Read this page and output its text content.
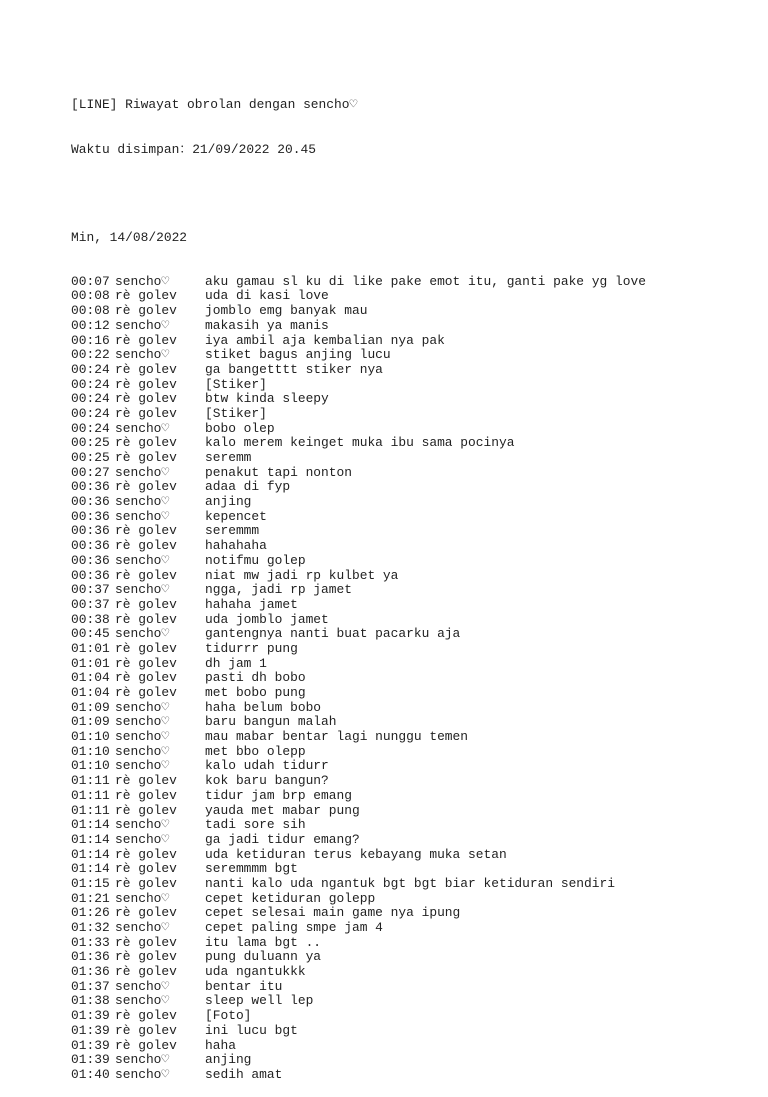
[LINE] Riwayat obrolan dengan sencho♡

Waktu disimpan：21/09/2022 20.45

Min, 14/08/2022

00:07 sencho♡	aku gamau sl ku di like pake emot itu, ganti pake yg love
00:08 rè golev	uda di kasi love
00:08 rè golev	jomblo emg banyak mau
00:12 sencho♡	makasih ya manis
00:16 rè golev	iya ambil aja kembalian nya pak
00:22 sencho♡	stiket bagus anjing lucu
00:24 rè golev	ga bangetttt stiker nya
00:24 rè golev	[Stiker]
00:24 rè golev	btw kinda sleepy
00:24 rè golev	[Stiker]
00:24 sencho♡	bobo olep
00:25 rè golev	kalo merem keinget muka ibu sama pocinya
00:25 rè golev	seremm
00:27 sencho♡	penakut tapi nonton
00:36 rè golev	adaa di fyp
00:36 sencho♡	anjing
00:36 sencho♡	kepencet
00:36 rè golev	seremmm
00:36 rè golev	hahahaha
00:36 sencho♡	notifmu golep
00:36 rè golev	niat mw jadi rp kulbet ya
00:37 sencho♡	ngga, jadi rp jamet
00:37 rè golev	hahaha jamet
00:38 rè golev	uda jomblo jamet
00:45 sencho♡	gantengnya nanti buat pacarku aja
01:01 rè golev	tidurrr pung
01:01 rè golev	dh jam 1
01:04 rè golev	pasti dh bobo
01:04 rè golev	met bobo pung
01:09 sencho♡	haha belum bobo
01:09 sencho♡	baru bangun malah
01:10 sencho♡	mau mabar bentar lagi nunggu temen
01:10 sencho♡	met bbo olepp
01:10 sencho♡	kalo udah tidurr
01:11 rè golev	kok baru bangun?
01:11 rè golev	tidur jam brp emang
01:11 rè golev	yauda met mabar pung
01:14 sencho♡	tadi sore sih
01:14 sencho♡	ga jadi tidur emang?
01:14 rè golev	uda ketiduran terus kebayang muka setan
01:14 rè golev	serem​mmm bgt
01:15 rè golev	nanti kalo uda ngantuk bgt bgt biar ketiduran sendiri
01:21 sencho♡	cepet ketiduran golepp
01:26 rè golev	cepet selesai main game nya ipung
01:32 sencho♡	cepet paling smpe jam 4
01:33 rè golev	itu lama bgt ..
01:36 rè golev	pung duluann ya
01:36 rè golev	uda ngantukkk
01:37 sencho♡	bentar itu
01:38 sencho♡	sleep well lep
01:39 rè golev	[Foto]
01:39 rè golev	ini lucu bgt
01:39 rè golev	haha
01:39 sencho♡	anjing
01:40 sencho♡	sedih amat
